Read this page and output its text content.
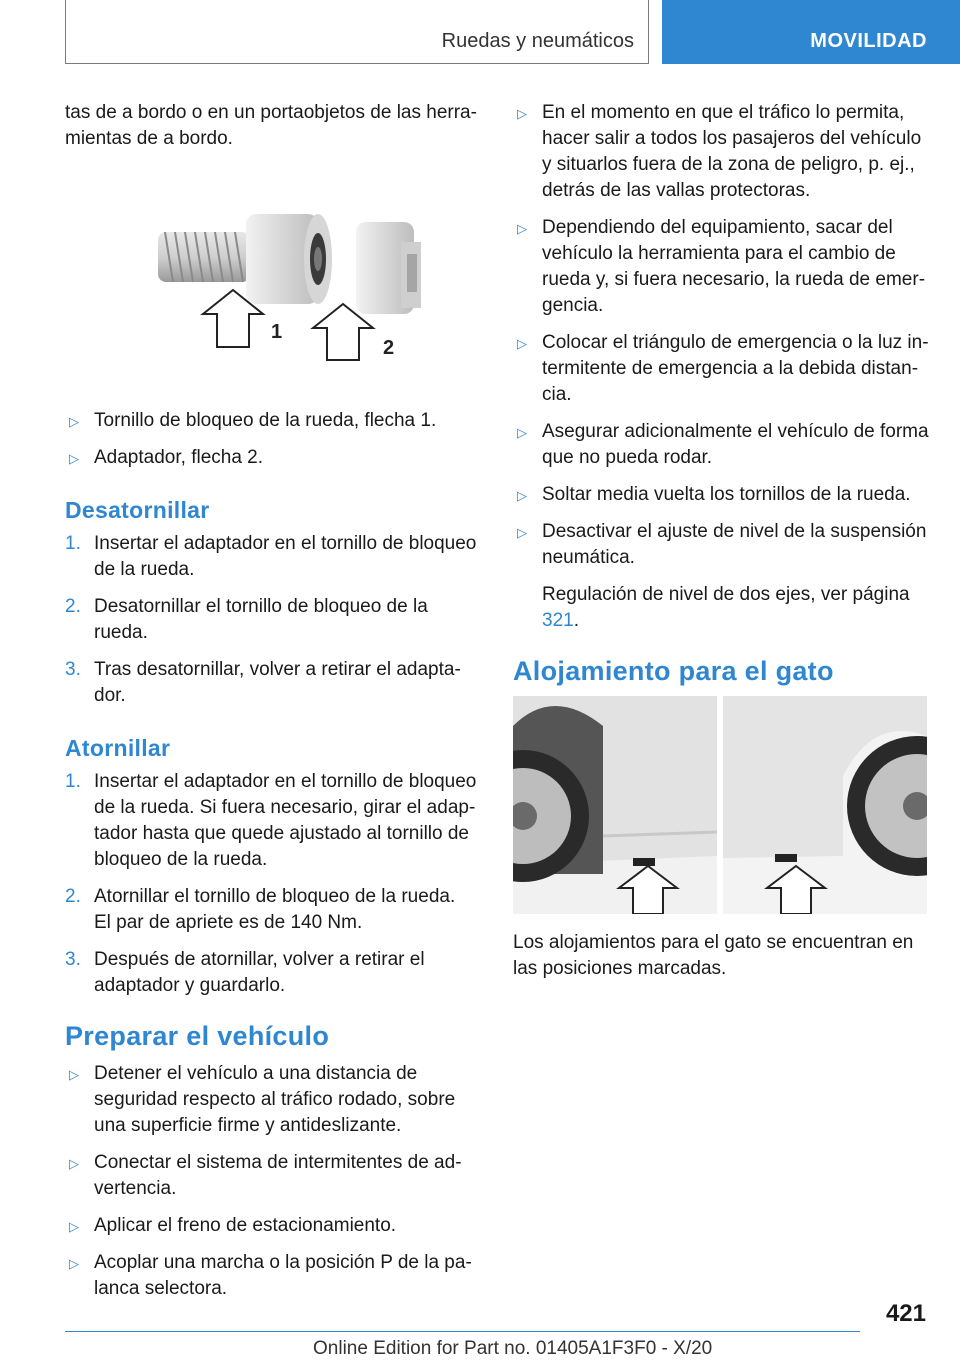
Ruedas y neumáticos	MOVILIDAD

tas de a bordo o en un portaobjetos de las herramientas de a bordo.

1
2
▷ Tornillo de bloqueo de la rueda, flecha 1.
▷ Adaptador, flecha 2.
Desatornillar
1. Insertar el adaptador en el tornillo de bloqueo de la rueda.
2. Desatornillar el tornillo de bloqueo de la rueda.
3. Tras desatornillar, volver a retirar el adaptador.
Atornillar
1. Insertar el adaptador en el tornillo de bloqueo de la rueda. Si fuera necesario, girar el adaptador hasta que quede ajustado al tornillo de bloqueo de la rueda.
2. Atornillar el tornillo de bloqueo de la rueda. El par de apriete es de 140 Nm.
3. Después de atornillar, volver a retirar el adaptador y guardarlo.
Preparar el vehículo
▷ Detener el vehículo a una distancia de seguridad respecto al tráfico rodado, sobre una superficie firme y antideslizante.
▷ Conectar el sistema de intermitentes de advertencia.
▷ Aplicar el freno de estacionamiento.
▷ Acoplar una marcha o la posición P de la palanca selectora.
▷ En el momento en que el tráfico lo permita, hacer salir a todos los pasajeros del vehículo y situarlos fuera de la zona de peligro, p. ej., detrás de las vallas protectoras.
▷ Dependiendo del equipamiento, sacar del vehículo la herramienta para el cambio de rueda y, si fuera necesario, la rueda de emergencia.
▷ Colocar el triángulo de emergencia o la luz intermitente de emergencia a la debida distancia.
▷ Asegurar adicionalmente el vehículo de forma que no pueda rodar.
▷ Soltar media vuelta los tornillos de la rueda.
▷ Desactivar el ajuste de nivel de la suspensión neumática.
Regulación de nivel de dos ejes, ver página 321.
Alojamiento para el gato

Los alojamientos para el gato se encuentran en las posiciones marcadas.

421
Online Edition for Part no. 01405A1F3F0 - X/20
